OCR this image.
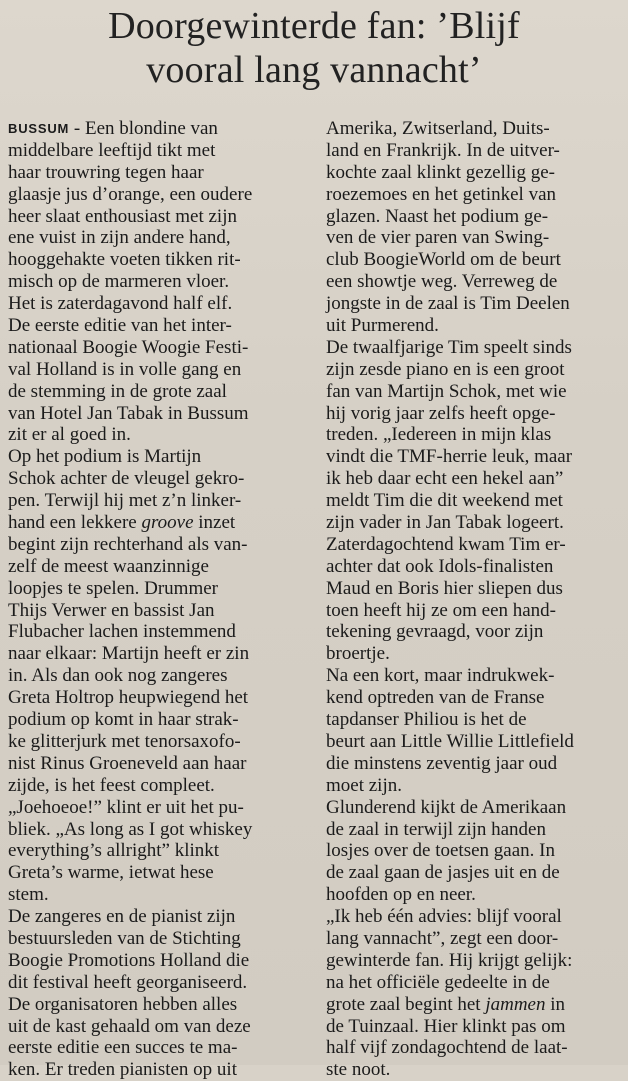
Doorgewinterde fan: ’Blijf
vooral lang vannacht’
BUSSUM - Een blondine van
middelbare leeftijd tikt met
haar trouwring tegen haar
glaasje jus d’orange, een oudere
heer slaat enthousiast met zijn
ene vuist in zijn andere hand,
hooggehakte voeten tikken rit-
misch op de marmeren vloer.
Het is zaterdagavond half elf.
De eerste editie van het inter-
nationaal Boogie Woogie Festi-
val Holland is in volle gang en
de stemming in de grote zaal
van Hotel Jan Tabak in Bussum
zit er al goed in.
Op het podium is Martijn
Schok achter de vleugel gekro-
pen. Terwijl hij met z’n linker-
hand een lekkere groove inzet
begint zijn rechterhand als van-
zelf de meest waanzinnige
loopjes te spelen. Drummer
Thijs Verwer en bassist Jan
Flubacher lachen instemmend
naar elkaar: Martijn heeft er zin
in. Als dan ook nog zangeres
Greta Holtrop heupwiegend het
podium op komt in haar strak-
ke glitterjurk met tenorsaxofo-
nist Rinus Groeneveld aan haar
zijde, is het feest compleet.
„Joehoeoe!” klint er uit het pu-
bliek. „As long as I got whiskey
everything’s allright” klinkt
Greta’s warme, ietwat hese
stem.
De zangeres en de pianist zijn
bestuursleden van de Stichting
Boogie Promotions Holland die
dit festival heeft georganiseerd.
De organisatoren hebben alles
uit de kast gehaald om van deze
eerste editie een succes te ma-
ken. Er treden pianisten op uit
Amerika, Zwitserland, Duits-
land en Frankrijk. In de uitver-
kochte zaal klinkt gezellig ge-
roezemoes en het getinkel van
glazen. Naast het podium ge-
ven de vier paren van Swing-
club BoogieWorld om de beurt
een showtje weg. Verreweg de
jongste in de zaal is Tim Deelen
uit Purmerend.
De twaalfjarige Tim speelt sinds
zijn zesde piano en is een groot
fan van Martijn Schok, met wie
hij vorig jaar zelfs heeft opge-
treden. „Iedereen in mijn klas
vindt die TMF-herrie leuk, maar
ik heb daar echt een hekel aan”
meldt Tim die dit weekend met
zijn vader in Jan Tabak logeert.
Zaterdagochtend kwam Tim er-
achter dat ook Idols-finalisten
Maud en Boris hier sliepen dus
toen heeft hij ze om een hand-
tekening gevraagd, voor zijn
broertje.
Na een kort, maar indrukwek-
kend optreden van de Franse
tapdanser Philiou is het de
beurt aan Little Willie Littlefield
die minstens zeventig jaar oud
moet zijn.
Glunderend kijkt de Amerikaan
de zaal in terwijl zijn handen
losjes over de toetsen gaan. In
de zaal gaan de jasjes uit en de
hoofden op en neer.
„Ik heb één advies: blijf vooral
lang vannacht”, zegt een door-
gewinterde fan. Hij krijgt gelijk:
na het officiële gedeelte in de
grote zaal begint het jammen in
de Tuinzaal. Hier klinkt pas om
half vijf zondagochtend de laat-
ste noot.
